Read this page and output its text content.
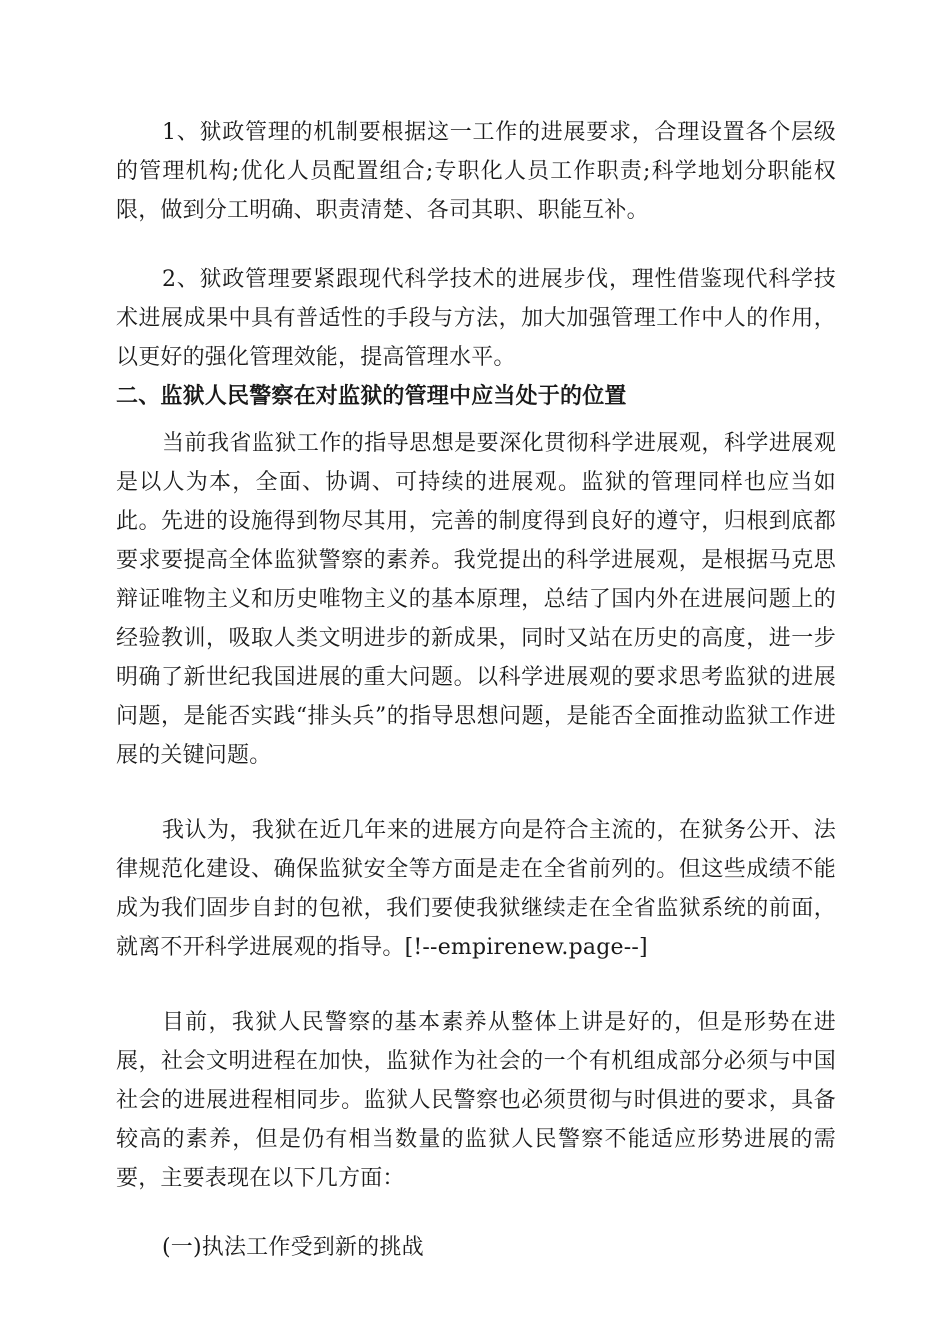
1、狱政管理的机制要根据这一工作的进展要求，合理设置各个层级的管理机构;优化人员配置组合;专职化人员工作职责;科学地划分职能权限，做到分工明确、职责清楚、各司其职、职能互补。

2、狱政管理要紧跟现代科学技术的进展步伐，理性借鉴现代科学技术进展成果中具有普适性的手段与方法，加大加强管理工作中人的作用，以更好的强化管理效能，提高管理水平。

二、监狱人民警察在对监狱的管理中应当处于的位置

当前我省监狱工作的指导思想是要深化贯彻科学进展观，科学进展观是以人为本，全面、协调、可持续的进展观。监狱的管理同样也应当如此。先进的设施得到物尽其用，完善的制度得到良好的遵守，归根到底都要求要提高全体监狱警察的素养。我党提出的科学进展观，是根据马克思辩证唯物主义和历史唯物主义的基本原理，总结了国内外在进展问题上的经验教训，吸取人类文明进步的新成果，同时又站在历史的高度，进一步明确了新世纪我国进展的重大问题。以科学进展观的要求思考监狱的进展问题，是能否实践“排头兵”的指导思想问题，是能否全面推动监狱工作进展的关键问题。

我认为，我狱在近几年来的进展方向是符合主流的，在狱务公开、法律规范化建设、确保监狱安全等方面是走在全省前列的。但这些成绩不能成为我们固步自封的包袱，我们要使我狱继续走在全省监狱系统的前面，就离不开科学进展观的指导。[!--empirenew.page--]

目前，我狱人民警察的基本素养从整体上讲是好的，但是形势在进展，社会文明进程在加快，监狱作为社会的一个有机组成部分必须与中国社会的进展进程相同步。监狱人民警察也必须贯彻与时俱进的要求，具备较高的素养，但是仍有相当数量的监狱人民警察不能适应形势进展的需要，主要表现在以下几方面：

(一)执法工作受到新的挑战
